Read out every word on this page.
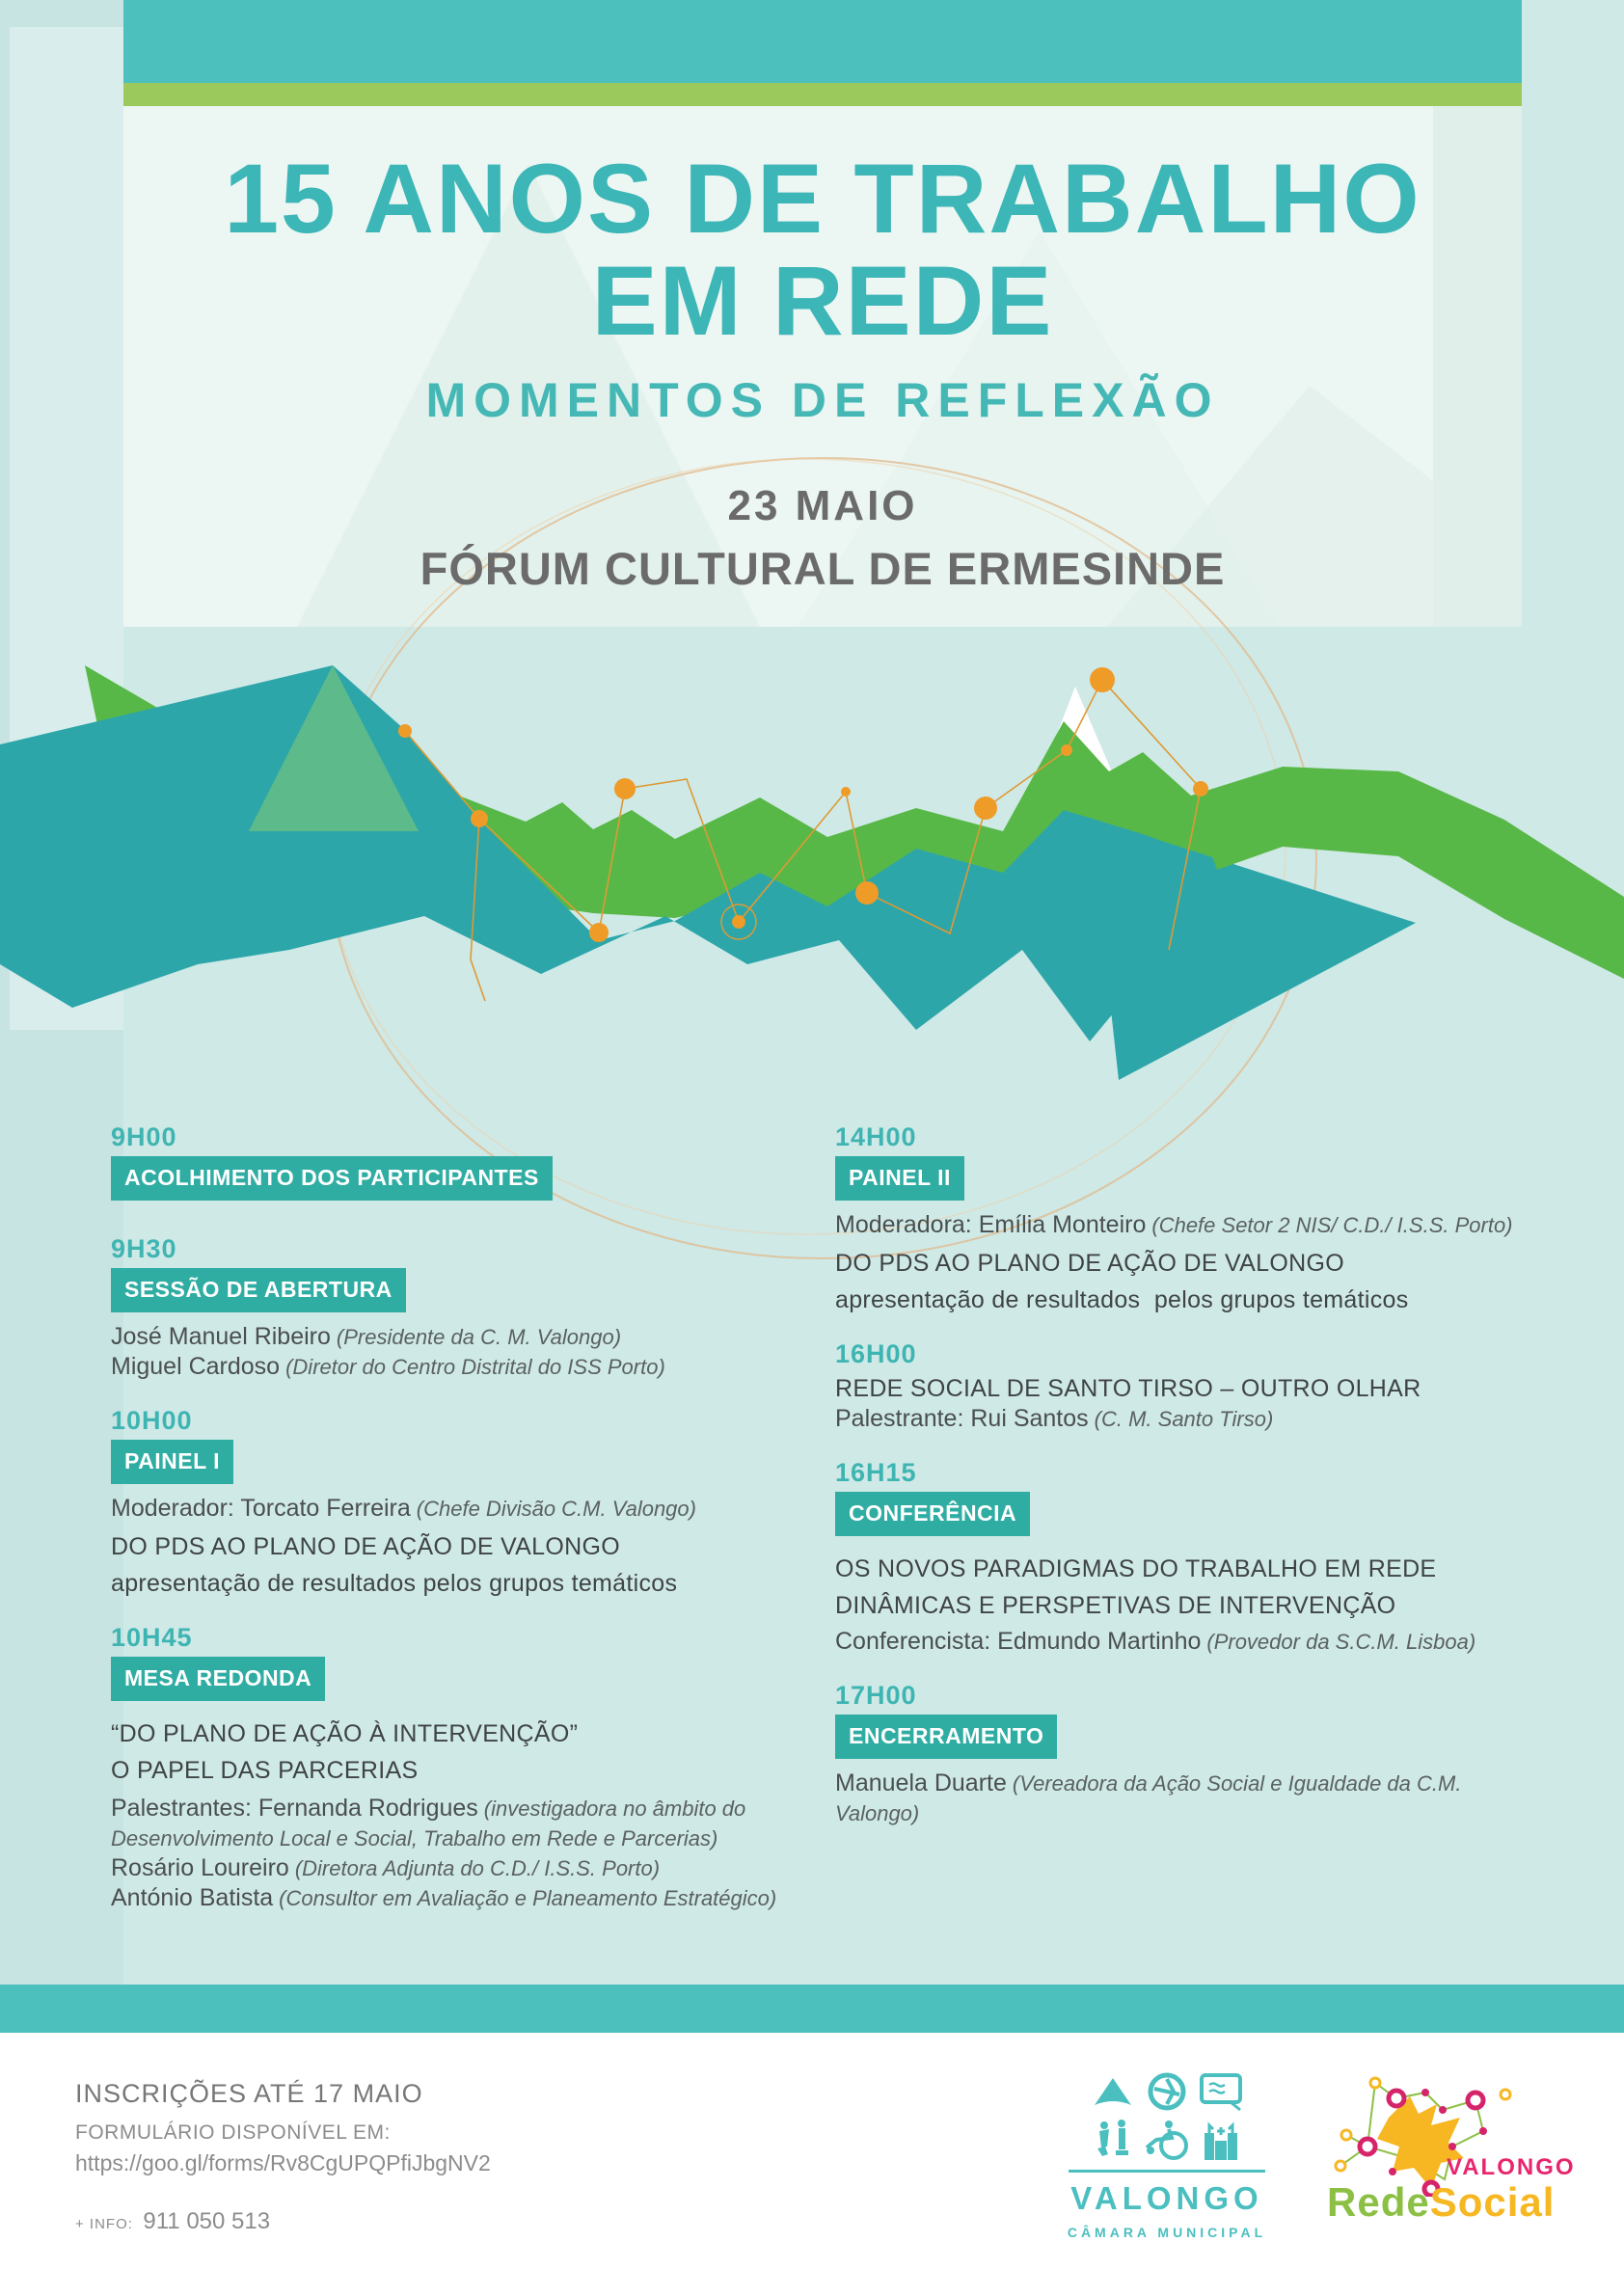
15 ANOS DE TRABALHO
EM REDE
MOMENTOS DE REFLEXÃO
23 MAIO
FÓRUM CULTURAL DE ERMESINDE
9H00
ACOLHIMENTO DOS PARTICIPANTES
9H30
SESSÃO DE ABERTURA
José Manuel Ribeiro (Presidente da C. M. Valongo)
Miguel Cardoso (Diretor do Centro Distrital do ISS Porto)
10H00
PAINEL I
Moderador: Torcato Ferreira (Chefe Divisão C.M. Valongo)
DO PDS AO PLANO DE AÇÃO DE VALONGO
apresentação de resultados pelos grupos temáticos
10H45
MESA REDONDA
“DO PLANO DE AÇÃO À INTERVENÇÃO”
O PAPEL DAS PARCERIAS
Palestrantes: Fernanda Rodrigues (investigadora no âmbito do Desenvolvimento Local e Social, Trabalho em Rede e Parcerias)
Rosário Loureiro (Diretora Adjunta do C.D./ I.S.S. Porto)
António Batista (Consultor em Avaliação e Planeamento Estratégico)
14H00
PAINEL II
Moderadora: Emília Monteiro (Chefe Setor 2 NIS/ C.D./ I.S.S. Porto)
DO PDS AO PLANO DE AÇÃO DE VALONGO
apresentação de resultados  pelos grupos temáticos
16H00
REDE SOCIAL DE SANTO TIRSO – OUTRO OLHAR
Palestrante: Rui Santos (C. M. Santo Tirso)
16H15
CONFERÊNCIA
OS NOVOS PARADIGMAS DO TRABALHO EM REDE
DINÂMICAS E PERSPETIVAS DE INTERVENÇÃO
Conferencista: Edmundo Martinho (Provedor da S.C.M. Lisboa)
17H00
ENCERRAMENTO
Manuela Duarte (Vereadora da Ação Social e Igualdade da C.M. Valongo)
INSCRIÇÕES ATÉ 17 MAIO
FORMULÁRIO DISPONÍVEL EM:
https://goo.gl/forms/Rv8CgUPQPfiJbgNV2
+ INFO: 911 050 513
VALONGO
CÂMARA MUNICIPAL
VALONGO
RedeSocial
